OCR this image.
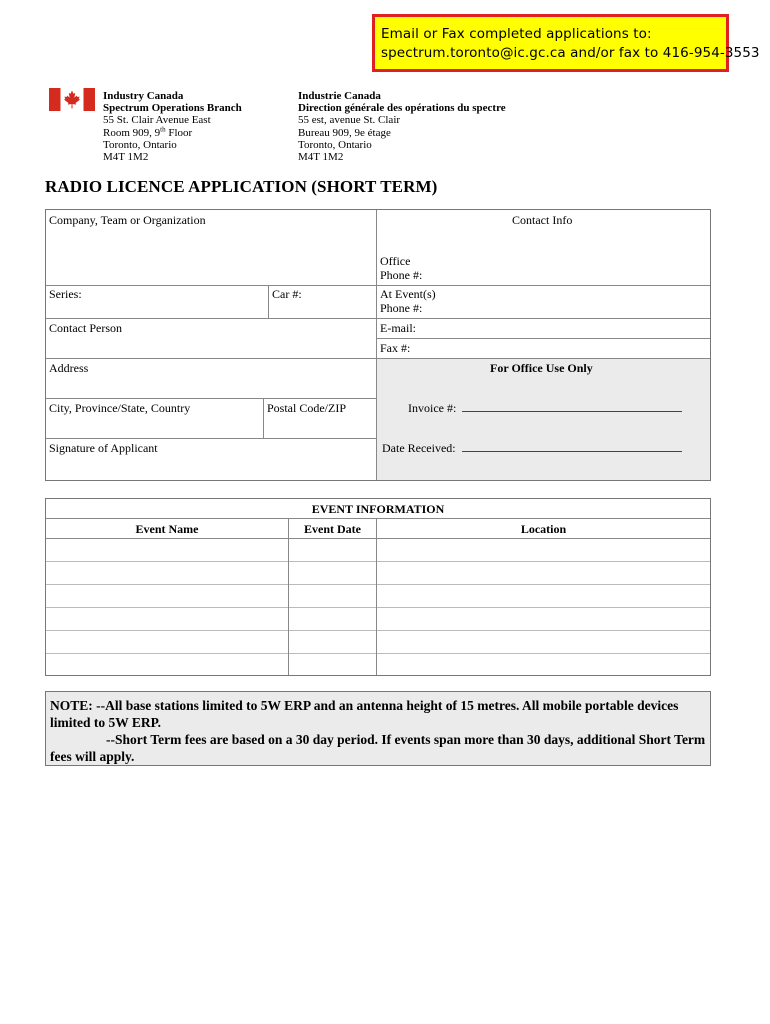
Email or Fax completed applications to:
spectrum.toronto@ic.gc.ca and/or fax to 416-954-3553
Industry Canada
Spectrum Operations Branch
55 St. Clair Avenue East
Room 909, 9th Floor
Toronto, Ontario
M4T 1M2
Industrie Canada
Direction générale des opérations du spectre
55 est, avenue St. Clair
Bureau 909, 9e étage
Toronto, Ontario
M4T 1M2
RADIO LICENCE APPLICATION (SHORT TERM)
Company, Team or Organization	Contact Info
Office
Phone #:
Series:	Car #:	At Event(s)
Phone #:
Contact Person	E-mail:
Fax #:
Address	For Office Use Only
City, Province/State, Country	Postal Code/ZIP	Invoice #:
Signature of Applicant	Date Received:
EVENT INFORMATION
Event Name	Event Date	Location
NOTE: --All base stations limited to 5W ERP and an antenna height of 15 metres. All mobile portable devices limited to 5W ERP.
--Short Term fees are based on a 30 day period. If events span more than 30 days, additional Short Term fees will apply.
